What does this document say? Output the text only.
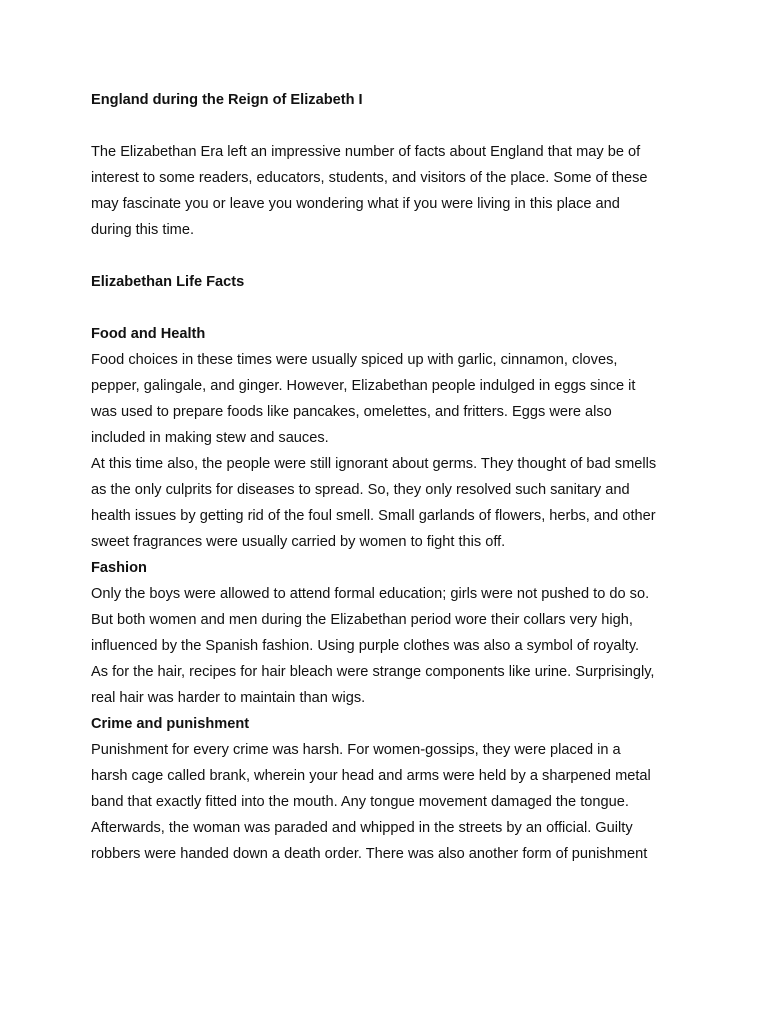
England during the Reign of Elizabeth I
The Elizabethan Era left an impressive number of facts about England that may be of
interest to some readers, educators, students, and visitors of the place. Some of these
may fascinate you or leave you wondering what if you were living in this place and
during this time.
Elizabethan Life Facts
Food and Health
Food choices in these times were usually spiced up with garlic, cinnamon, cloves,
pepper, galingale, and ginger. However, Elizabethan people indulged in eggs since it
was used to prepare foods like pancakes, omelettes, and fritters. Eggs were also
included in making stew and sauces.
At this time also, the people were still ignorant about germs. They thought of bad smells
as the only culprits for diseases to spread. So, they only resolved such sanitary and
health issues by getting rid of the foul smell. Small garlands of flowers, herbs, and other
sweet fragrances were usually carried by women to fight this off.
Fashion
Only the boys were allowed to attend formal education; girls were not pushed to do so.
But both women and men during the Elizabethan period wore their collars very high,
influenced by the Spanish fashion. Using purple clothes was also a symbol of royalty.
As for the hair, recipes for hair bleach were strange components like urine. Surprisingly,
real hair was harder to maintain than wigs.
Crime and punishment
Punishment for every crime was harsh. For women-gossips, they were placed in a
harsh cage called brank, wherein your head and arms were held by a sharpened metal
band that exactly fitted into the mouth. Any tongue movement damaged the tongue.
Afterwards, the woman was paraded and whipped in the streets by an official. Guilty
robbers were handed down a death order. There was also another form of punishment
